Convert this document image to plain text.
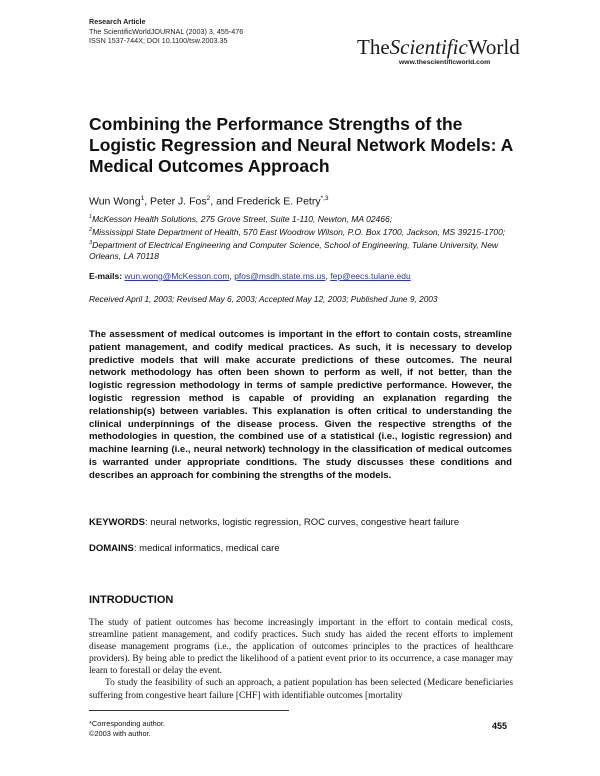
Research Article
The ScientificWorldJOURNAL (2003) 3, 455-476
ISSN 1537-744X; DOI 10.1100/tsw.2003.35	TheScientificWorld
www.thescientificworld.com
Combining the Performance Strengths of the Logistic Regression and Neural Network Models: A Medical Outcomes Approach
Wun Wong$^1$, Peter J. Fos$^2$, and Frederick E. Petry$^{*,3}$
$^1$McKesson Health Solutions, 275 Grove Street, Suite 1-110, Newton, MA 02466;
$^2$Mississippi State Department of Health, 570 East Woodrow Wilson, P.O. Box 1700, Jackson, MS 39215-1700; $^3$Department of Electrical Engineering and Computer Science, School of Engineering, Tulane University, New Orleans, LA 70118
E-mails: wun.wong@McKesson.com, pfos@msdh.state.ms.us, fep@eecs.tulane.edu
Received April 1, 2003; Revised May 6, 2003; Accepted May 12, 2003; Published June 9, 2003
The assessment of medical outcomes is important in the effort to contain costs, streamline patient management, and codify medical practices. As such, it is necessary to develop predictive models that will make accurate predictions of these outcomes. The neural network methodology has often been shown to perform as well, if not better, than the logistic regression methodology in terms of sample predictive performance. However, the logistic regression method is capable of providing an explanation regarding the relationship(s) between variables. This explanation is often critical to understanding the clinical underpinnings of the disease process. Given the respective strengths of the methodologies in question, the combined use of a statistical (i.e., logistic regression) and machine learning (i.e., neural network) technology in the classification of medical outcomes is warranted under appropriate conditions. The study discusses these conditions and describes an approach for combining the strengths of the models.
KEYWORDS: neural networks, logistic regression, ROC curves, congestive heart failure
DOMAINS: medical informatics, medical care
INTRODUCTION

The study of patient outcomes has become increasingly important in the effort to contain medical costs, streamline patient management, and codify practices. Such study has aided the recent efforts to implement disease management programs (i.e., the application of outcomes principles to the practices of healthcare providers). By being able to predict the likelihood of a patient event prior to its occurrence, a case manager may learn to forestall or delay the event.

To study the feasibility of such an approach, a patient population has been selected (Medicare beneficiaries suffering from congestive heart failure [CHF] with identifiable outcomes [mortality

*Corresponding author.
©2003 with author.
455
